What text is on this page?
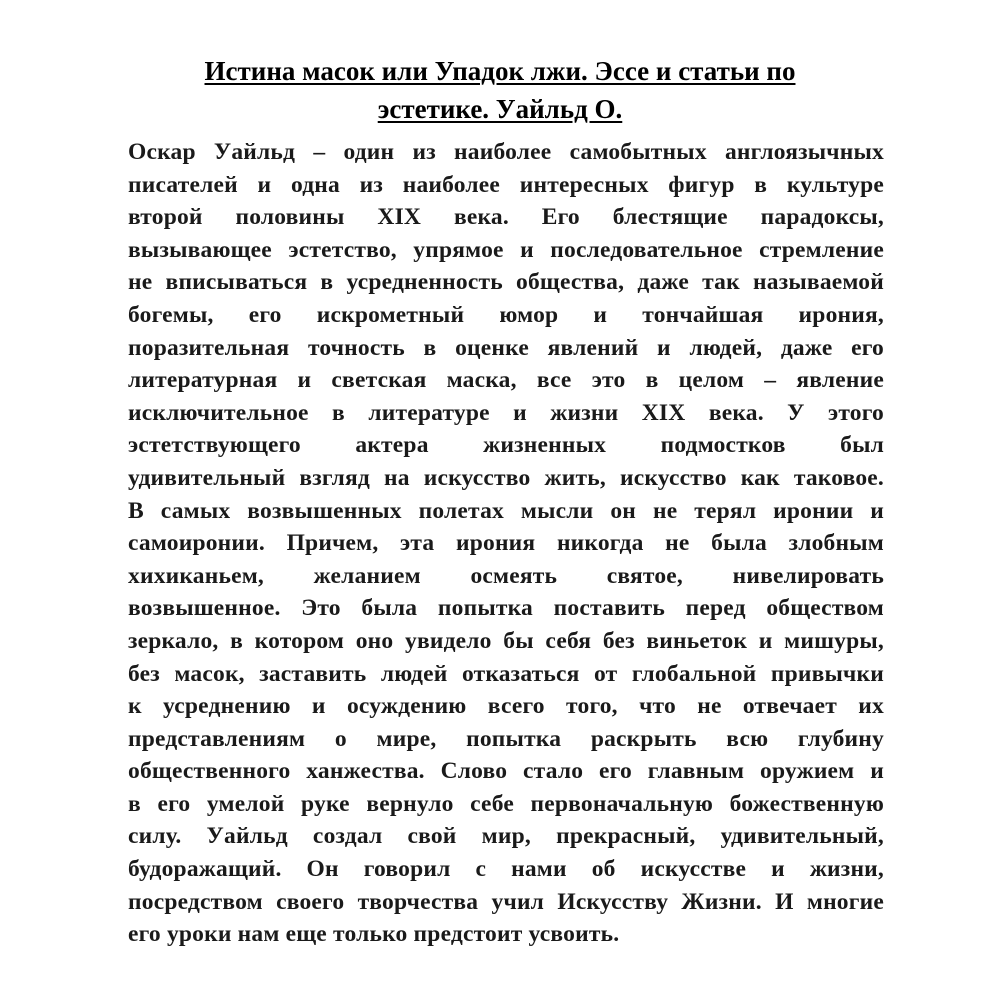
Истина масок или Упадок лжи. Эссе и статьи по
эстетике. Уайльд О.
Оскар Уайльд – один из наиболее самобытных англоязычных
писателей и одна из наиболее интересных фигур в культуре
второй половины XIX века. Его блестящие парадоксы,
вызывающее эстетство, упрямое и последовательное стремление
не вписываться в усредненность общества, даже так называемой
богемы, его искрометный юмор и тончайшая ирония,
поразительная точность в оценке явлений и людей, даже его
литературная и светская маска, все это в целом – явление
исключительное в литературе и жизни XIX века. У этого
эстетствующего актера жизненных подмостков был
удивительный взгляд на искусство жить, искусство как таковое.
В самых возвышенных полетах мысли он не терял иронии и
самоиронии. Причем, эта ирония никогда не была злобным
хихиканьем, желанием осмеять святое, нивелировать
возвышенное. Это была попытка поставить перед обществом
зеркало, в котором оно увидело бы себя без виньеток и мишуры,
без масок, заставить людей отказаться от глобальной привычки
к усреднению и осуждению всего того, что не отвечает их
представлениям о мире, попытка раскрыть всю глубину
общественного ханжества. Слово стало его главным оружием и
в его умелой руке вернуло себе первоначальную божественную
силу. Уайльд создал свой мир, прекрасный, удивительный,
будоражащий. Он говорил с нами об искусстве и жизни,
посредством своего творчества учил Искусству Жизни. И многие
его уроки нам еще только предстоит усвоить.
